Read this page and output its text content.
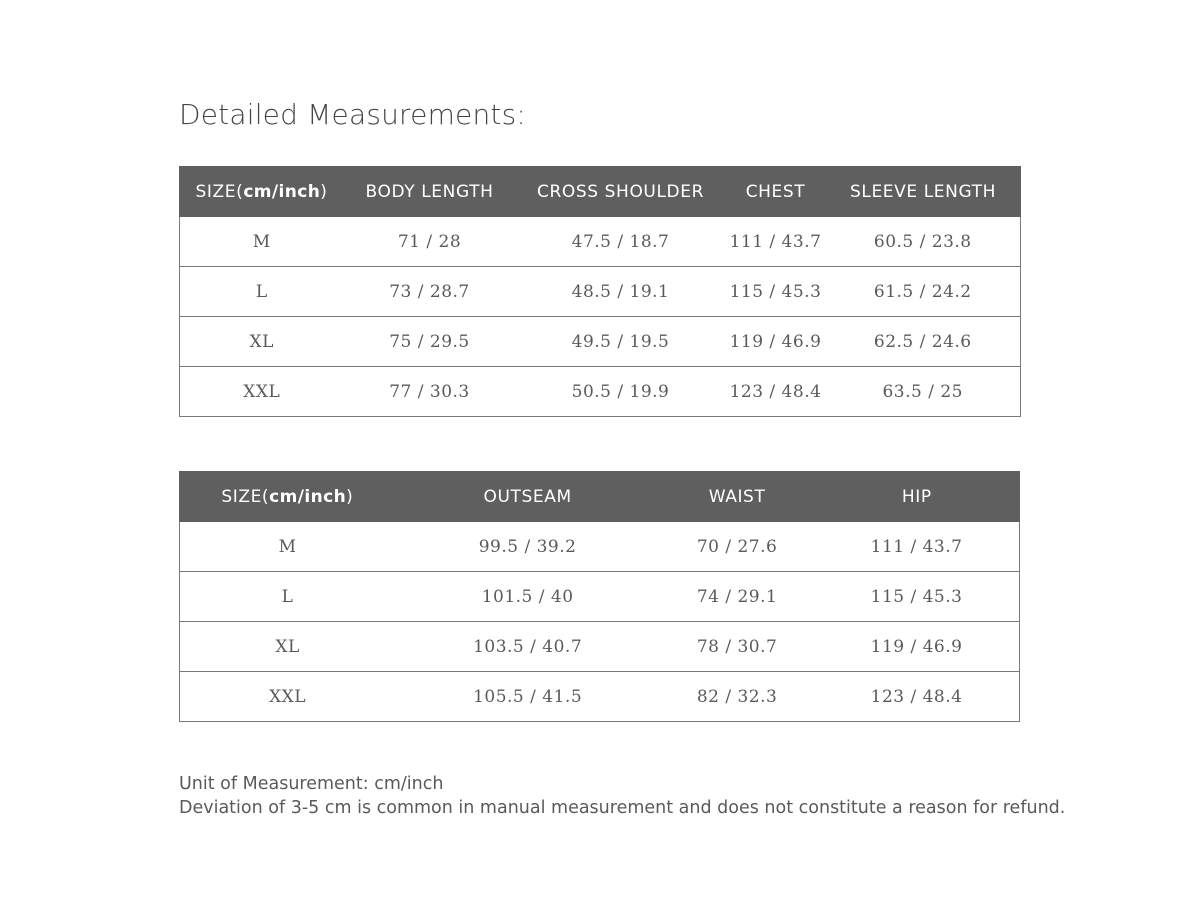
Detailed Measurements:
SIZE(cm/inch)	BODY LENGTH	CROSS SHOULDER	CHEST	SLEEVE LENGTH
M	71 / 28	47.5 / 18.7	111 / 43.7	60.5 / 23.8
L	73 / 28.7	48.5 / 19.1	115 / 45.3	61.5 / 24.2
XL	75 / 29.5	49.5 / 19.5	119 / 46.9	62.5 / 24.6
XXL	77 / 30.3	50.5 / 19.9	123 / 48.4	63.5 / 25
SIZE(cm/inch)	OUTSEAM	WAIST	HIP
M	99.5 / 39.2	70 / 27.6	111 / 43.7
L	101.5 / 40	74 / 29.1	115 / 45.3
XL	103.5 / 40.7	78 / 30.7	119 / 46.9
XXL	105.5 / 41.5	82 / 32.3	123 / 48.4
Unit of Measurement: cm/inch
Deviation of 3-5 cm is common in manual measurement and does not constitute a reason for refund.
